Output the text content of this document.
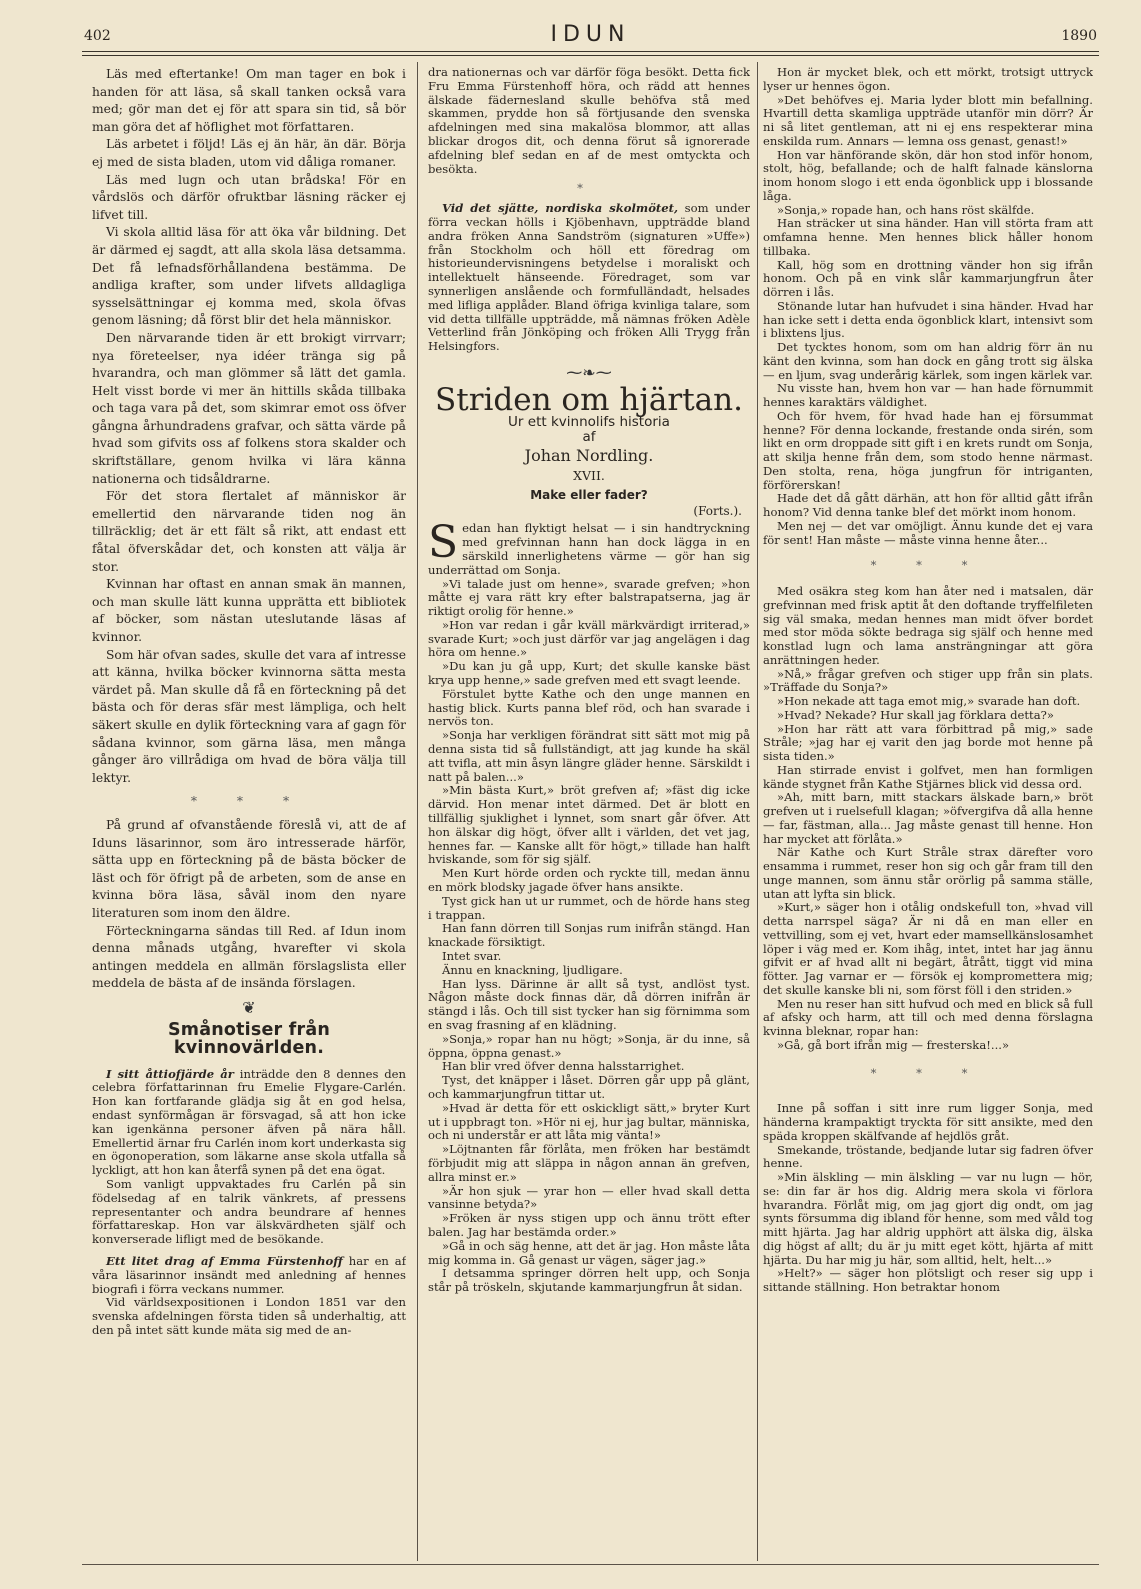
402	IDUN	1890

Läs med eftertanke! Om man tager en bok i handen för att läsa, så skall tanken också vara med; gör man det ej för att spara sin tid, så bör man göra det af höflighet mot författaren.

Läs arbetet i följd! Läs ej än här, än där. Börja ej med de sista bladen, utom vid dåliga romaner.

Läs med lugn och utan brådska! För en vårdslös och därför ofruktbar läsning räcker ej lifvet till.

Vi skola alltid läsa för att öka vår bildning. Det är därmed ej sagdt, att alla skola läsa detsamma. Det få lefnadsförhållandena bestämma. De andliga krafter, som under lifvets alldagliga sysselsättningar ej komma med, skola öfvas genom läsning; då först blir det hela människor.

Den närvarande tiden är ett brokigt virrvarr; nya företeelser, nya idéer tränga sig på hvarandra, och man glömmer så lätt det gamla. Helt visst borde vi mer än hittills skåda tillbaka och taga vara på det, som skimrar emot oss öfver gångna århundradens grafvar, och sätta värde på hvad som gifvits oss af folkens stora skalder och skriftställare, genom hvilka vi lära känna nationerna och tidsåldrarne.

För det stora flertalet af människor är emellertid den närvarande tiden nog än tillräcklig; det är ett fält så rikt, att endast ett fåtal öfverskådar det, och konsten att välja är stor.

Kvinnan har oftast en annan smak än mannen, och man skulle lätt kunna upprätta ett bibliotek af böcker, som nästan uteslutande läsas af kvinnor.

Som här ofvan sades, skulle det vara af intresse att känna, hvilka böcker kvinnorna sätta mesta värdet på. Man skulle då få en förteckning på det bästa och för deras sfär mest lämpliga, och helt säkert skulle en dylik förteckning vara af gagn för sådana kvinnor, som gärna läsa, men många gånger äro villrådiga om hvad de böra välja till lektyr.

* * *

På grund af ofvanstående föreslå vi, att de af Iduns läsarinnor, som äro intresserade härför, sätta upp en förteckning på de bästa böcker de läst och för öfrigt på de arbeten, som de anse en kvinna böra läsa, såväl inom den nyare literaturen som inom den äldre.

Förteckningarna sändas till Red. af Idun inom denna månads utgång, hvarefter vi skola antingen meddela en allmän förslagslista eller meddela de bästa af de insända förslagen.

❦
Smånotiser från kvinnovärlden.

I sitt åttiofjärde år inträdde den 8 dennes den celebra författarinnan fru Emelie Flygare-Carlén. Hon kan fortfarande glädja sig åt en god helsa, endast synförmågan är försvagad, så att hon icke kan igenkänna personer äfven på nära håll. Emellertid ärnar fru Carlén inom kort underkasta sig en ögonoperation, som läkarne anse skola utfalla så lyckligt, att hon kan återfå synen på det ena ögat.

Som vanligt uppvaktades fru Carlén på sin födelsedag af en talrik vänkrets, af pressens representanter och andra beundrare af hennes författareskap. Hon var älskvärdheten själf och konverserade lifligt med de besökande.

Ett litet drag af Emma Fürstenhoff har en af våra läsarinnor insändt med anledning af hennes biografi i förra veckans nummer.

Vid världsexpositionen i London 1851 var den svenska afdelningen första tiden så underhaltig, att den på intet sätt kunde mäta sig med de an-

dra nationernas och var därför föga besökt. Detta fick Fru Emma Fürstenhoff höra, och rädd att hennes älskade fädernesland skulle behöfva stå med skammen, prydde hon så förtjusande den svenska afdelningen med sina makalösa blommor, att allas blickar drogos dit, och denna förut så ignorerade afdelning blef sedan en af de mest omtyckta och besökta.

*

Vid det sjätte, nordiska skolmötet, som under förra veckan hölls i Kjöbenhavn, uppträdde bland andra fröken Anna Sandström (signaturen »Uffe») från Stockholm och höll ett föredrag om historieundervisningens betydelse i moraliskt och intellektuelt hänseende. Föredraget, som var synnerligen anslående och formfulländadt, helsades med lifliga applåder. Bland öfriga kvinliga talare, som vid detta tillfälle uppträdde, må nämnas fröken Adèle Vetterlind från Jönköping och fröken Alli Trygg från Helsingfors.

⁓❧⁓
Striden om hjärtan.
Ur ett kvinnolifs historia
af
Johan Nordling.
XVII.
Make eller fader?
(Forts.).

Sedan han flyktigt helsat — i sin handtryckning med grefvinnan hann han dock lägga in en särskild innerlighetens värme — gör han sig underrättad om Sonja.

»Vi talade just om henne», svarade grefven; »hon måtte ej vara rätt kry efter balstrapatserna, jag är riktigt orolig för henne.»

»Hon var redan i går kväll märkvärdigt irriterad,» svarade Kurt; »och just därför var jag angelägen i dag höra om henne.»

»Du kan ju gå upp, Kurt; det skulle kanske bäst krya upp henne,» sade grefven med ett svagt leende.

Förstulet bytte Kathe och den unge mannen en hastig blick. Kurts panna blef röd, och han svarade i nervös ton.

»Sonja har verkligen förändrat sitt sätt mot mig på denna sista tid så fullständigt, att jag kunde ha skäl att tvifla, att min åsyn längre gläder henne. Särskildt i natt på balen...»

»Min bästa Kurt,» bröt grefven af; »fäst dig icke därvid. Hon menar intet därmed. Det är blott en tillfällig sjuklighet i lynnet, som snart går öfver. Att hon älskar dig högt, öfver allt i världen, det vet jag, hennes far. — Kanske allt för högt,» tillade han halft hviskande, som för sig själf.

Men Kurt hörde orden och ryckte till, medan ännu en mörk blodsky jagade öfver hans ansikte.

Tyst gick han ut ur rummet, och de hörde hans steg i trappan.

Han fann dörren till Sonjas rum inifrån stängd. Han knackade försiktigt.

Intet svar.

Ännu en knackning, ljudligare.

Han lyss. Därinne är allt så tyst, andlöst tyst. Någon måste dock finnas där, då dörren inifrån är stängd i lås. Och till sist tycker han sig förnimma som en svag frasning af en klädning.

»Sonja,» ropar han nu högt; »Sonja, är du inne, så öppna, öppna genast.»

Han blir vred öfver denna halsstarrighet.

Tyst, det knäpper i låset. Dörren går upp på glänt, och kammarjungfrun tittar ut.

»Hvad är detta för ett oskickligt sätt,» bryter Kurt ut i uppbragt ton. »Hör ni ej, hur jag bultar, människa, och ni understår er att låta mig vänta!»

»Löjtnanten får förlåta, men fröken har bestämdt förbjudit mig att släppa in någon annan än grefven, allra minst er.»

»Är hon sjuk — yrar hon — eller hvad skall detta vansinne betyda?»

»Fröken är nyss stigen upp och ännu trött efter balen. Jag har bestämda order.»

»Gå in och säg henne, att det är jag. Hon måste låta mig komma in. Gå genast ur vägen, säger jag.»

I detsamma springer dörren helt upp, och Sonja står på tröskeln, skjutande kammarjungfrun åt sidan.

Hon är mycket blek, och ett mörkt, trotsigt uttryck lyser ur hennes ögon.

»Det behöfves ej. Maria lyder blott min befallning. Hvartill detta skamliga uppträde utanför min dörr? Är ni så litet gentleman, att ni ej ens respekterar mina enskilda rum. Annars — lemna oss genast, genast!»

Hon var hänförande skön, där hon stod inför honom, stolt, hög, befallande; och de halft falnade känslorna inom honom slogo i ett enda ögonblick upp i blossande låga.

»Sonja,» ropade han, och hans röst skälfde.

Han sträcker ut sina händer. Han vill störta fram att omfamna henne. Men hennes blick håller honom tillbaka.

Kall, hög som en drottning vänder hon sig ifrån honom. Och på en vink slår kammarjungfrun åter dörren i lås.

Stönande lutar han hufvudet i sina händer. Hvad har han icke sett i detta enda ögonblick klart, intensivt som i blixtens ljus.

Det tycktes honom, som om han aldrig förr än nu känt den kvinna, som han dock en gång trott sig älska — en ljum, svag underårig kärlek, som ingen kärlek var.

Nu visste han, hvem hon var — han hade förnummit hennes karaktärs väldighet.

Och för hvem, för hvad hade han ej försummat henne? För denna lockande, frestande onda sirén, som likt en orm droppade sitt gift i en krets rundt om Sonja, att skilja henne från dem, som stodo henne närmast. Den stolta, rena, höga jungfrun för intriganten, förförerskan!

Hade det då gått därhän, att hon för alltid gått ifrån honom? Vid denna tanke blef det mörkt inom honom.

Men nej — det var omöjligt. Ännu kunde det ej vara för sent! Han måste — måste vinna henne åter...

* * *

Med osäkra steg kom han åter ned i matsalen, där grefvinnan med frisk aptit åt den doftande tryffelfileten sig väl smaka, medan hennes man midt öfver bordet med stor möda sökte bedraga sig själf och henne med konstlad lugn och lama ansträngningar att göra anrättningen heder.

»Nå,» frågar grefven och stiger upp från sin plats. »Träffade du Sonja?»

»Hon nekade att taga emot mig,» svarade han doft.

»Hvad? Nekade? Hur skall jag förklara detta?»

»Hon har rätt att vara förbittrad på mig,» sade Stråle; »jag har ej varit den jag borde mot henne på sista tiden.»

Han stirrade envist i golfvet, men han formligen kände stygnet från Kathe Stjärnes blick vid dessa ord.

»Ah, mitt barn, mitt stackars älskade barn,» bröt grefven ut i ruelsefull klagan; »öfvergifva då alla henne — far, fästman, alla... Jag måste genast till henne. Hon har mycket att förlåta.»

När Kathe och Kurt Stråle strax därefter voro ensamma i rummet, reser hon sig och går fram till den unge mannen, som ännu står orörlig på samma ställe, utan att lyfta sin blick.

»Kurt,» säger hon i otålig ondskefull ton, »hvad vill detta narrspel säga? Är ni då en man eller en vettvilling, som ej vet, hvart eder mamsellkänslosamhet löper i väg med er. Kom ihåg, intet, intet har jag ännu gifvit er af hvad allt ni begärt, åtrått, tiggt vid mina fötter. Jag varnar er — försök ej kompromettera mig; det skulle kanske bli ni, som först föll i den striden.»

Men nu reser han sitt hufvud och med en blick så full af afsky och harm, att till och med denna förslagna kvinna bleknar, ropar han:

»Gå, gå bort ifrån mig — fresterska!...»

* * *

Inne på soffan i sitt inre rum ligger Sonja, med händerna krampaktigt tryckta för sitt ansikte, med den späda kroppen skälfvande af hejdlös gråt.

Smekande, tröstande, bedjande lutar sig fadren öfver henne.

»Min älskling — min älskling — var nu lugn — hör, se: din far är hos dig. Aldrig mera skola vi förlora hvarandra. Förlåt mig, om jag gjort dig ondt, om jag synts försumma dig ibland för henne, som med våld tog mitt hjärta. Jag har aldrig upphört att älska dig, älska dig högst af allt; du är ju mitt eget kött, hjärta af mitt hjärta. Du har mig ju här, som alltid, helt, helt...»

»Helt?» — säger hon plötsligt och reser sig upp i sittande ställning. Hon betraktar honom
